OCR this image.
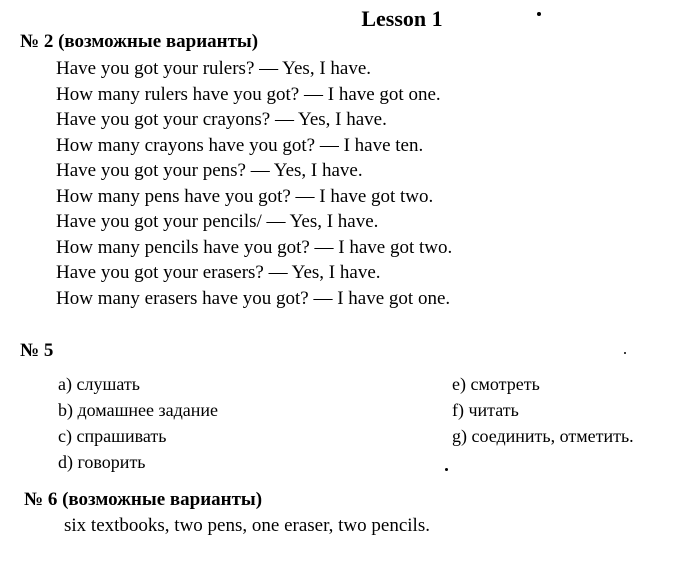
Lesson 1
№ 2 (возможные варианты)
Have you got your rulers? — Yes, I have.
How many rulers have you got? — I have got one.
Have you got your crayons? — Yes, I have.
How many crayons have you got? — I have ten.
Have you got your pens? — Yes, I have.
How many pens have you got? — I have got two.
Have you got your pencils/ — Yes, I have.
How many pencils have you got? — I have got two.
Have you got your erasers? — Yes, I have.
How many erasers have you got? — I have got one.
№ 5
a) слушать
b) домашнее задание
c) спрашивать
d) говорить
e) смотреть
f) читать
g) соединить, отметить.
№ 6 (возможные варианты)
six textbooks, two pens, one eraser, two pencils.
